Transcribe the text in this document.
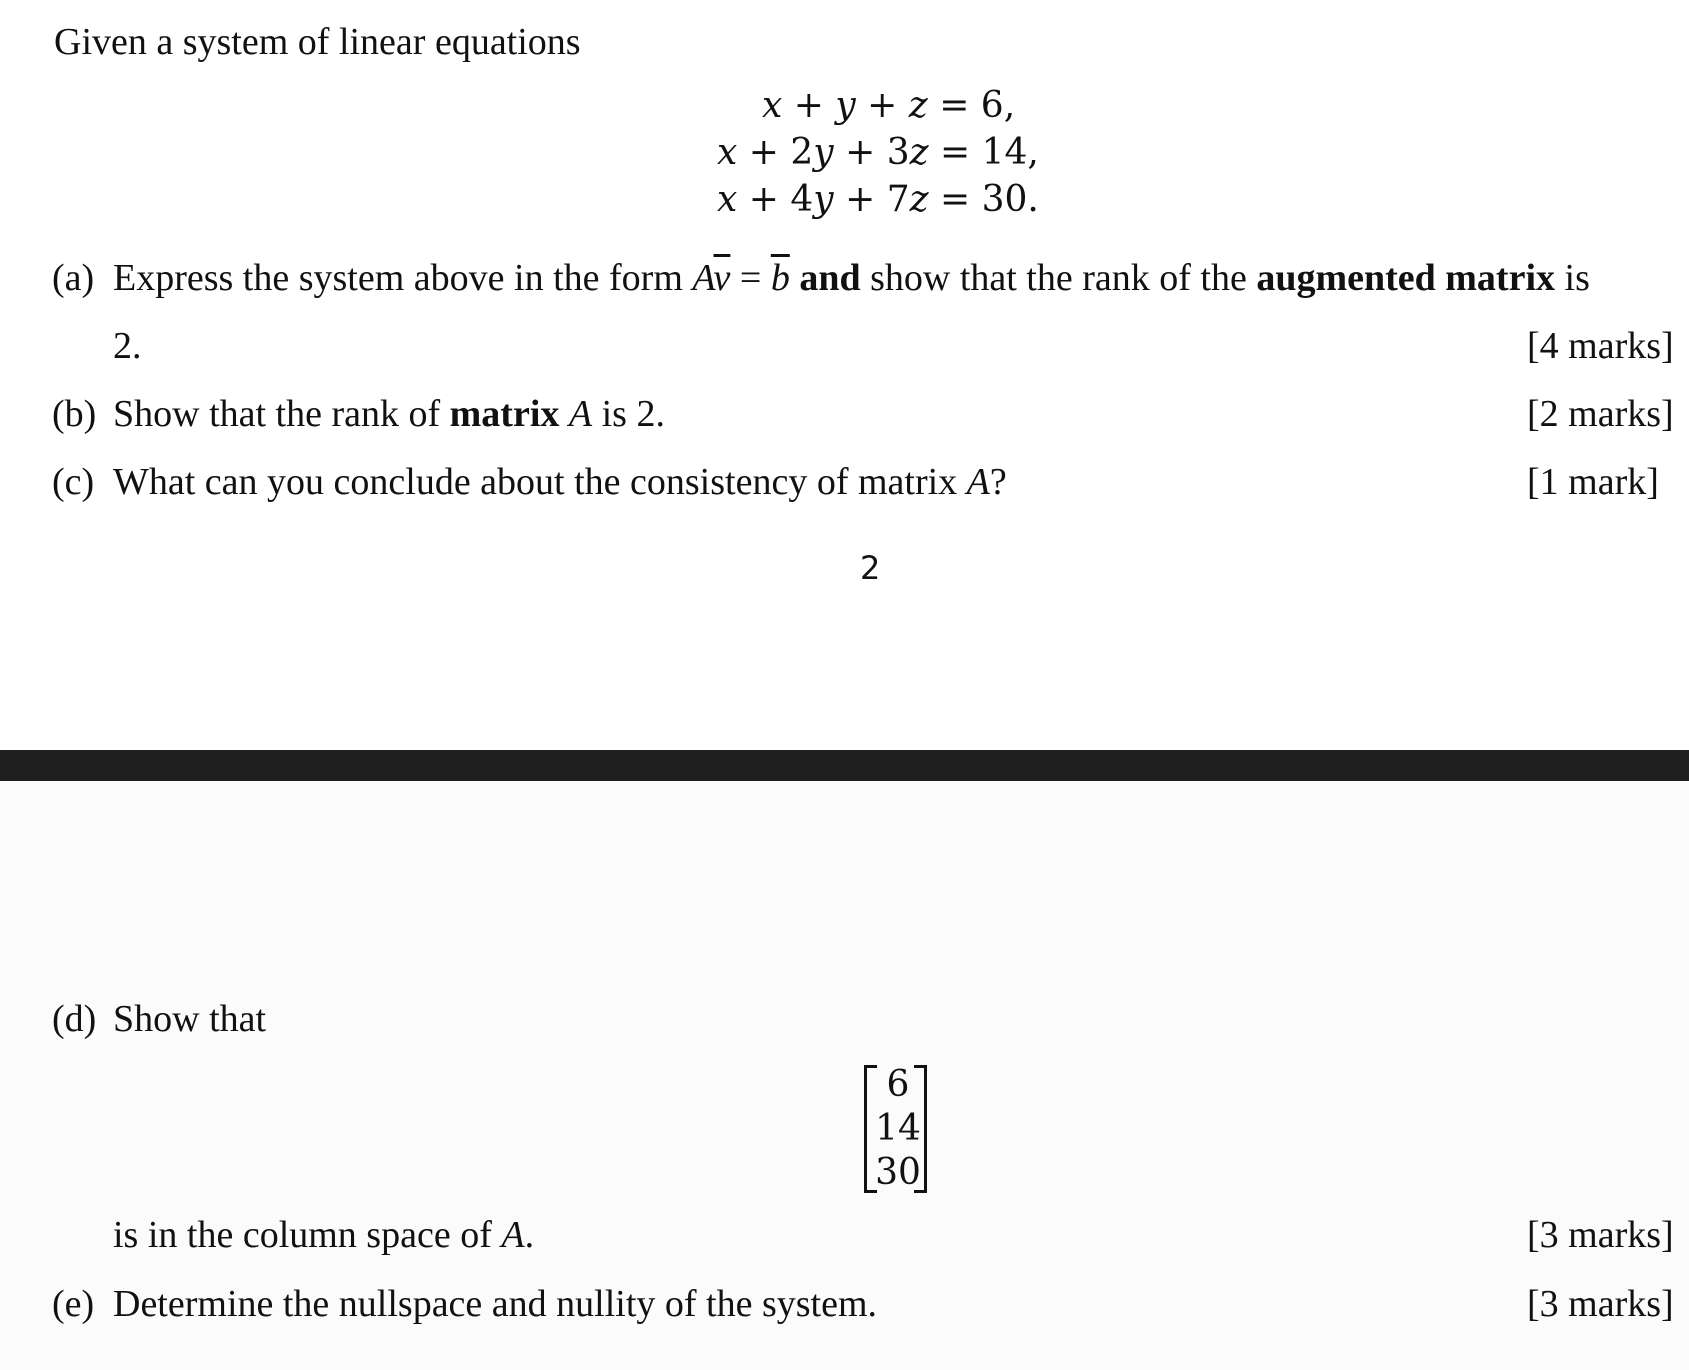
Given a system of linear equations
x + y + z = 6,
x + 2y + 3z = 14,
x + 4y + 7z = 30.
(a) Express the system above in the form $A\overline{v} = \overline{b}$ and show that the rank of the augmented matrix is
2.	[4 marks]
(b) Show that the rank of matrix A is 2.	[2 marks]
(c) What can you conclude about the consistency of matrix A?	[1 mark]
2
(d) Show that
6
14
30
is in the column space of A.	[3 marks]
(e) Determine the nullspace and nullity of the system.	[3 marks]
